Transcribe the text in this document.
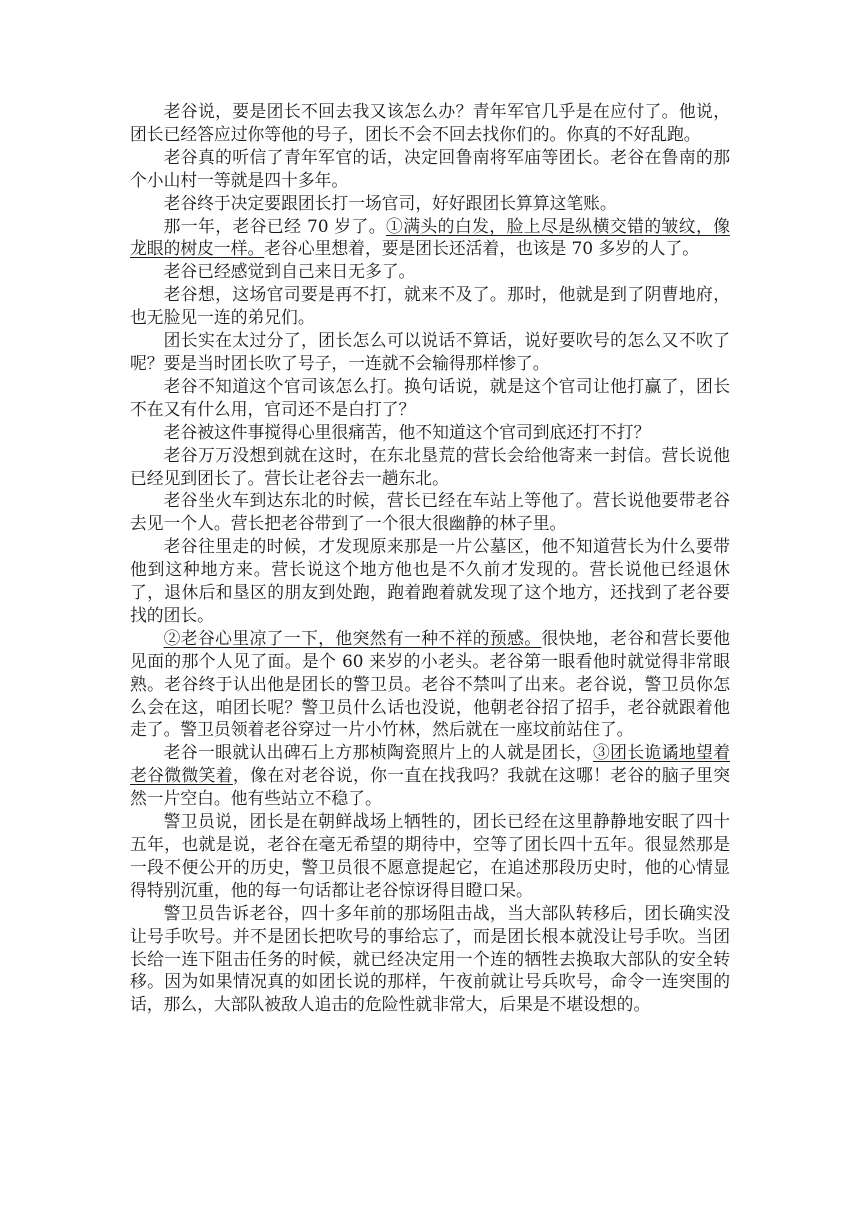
老谷说，要是团长不回去我又该怎么办？青年军官几乎是在应付了。他说，团长已经答应过你等他的号子，团长不会不回去找你们的。你真的不好乱跑。

老谷真的听信了青年军官的话，决定回鲁南将军庙等团长。老谷在鲁南的那个小山村一等就是四十多年。

老谷终于决定要跟团长打一场官司，好好跟团长算算这笔账。

那一年，老谷已经 70 岁了。①满头的白发，脸上尽是纵横交错的皱纹，像龙眼的树皮一样。老谷心里想着，要是团长还活着，也该是 70 多岁的人了。

老谷已经感觉到自己来日无多了。

老谷想，这场官司要是再不打，就来不及了。那时，他就是到了阴曹地府，也无脸见一连的弟兄们。

团长实在太过分了，团长怎么可以说话不算话，说好要吹号的怎么又不吹了呢？要是当时团长吹了号子，一连就不会输得那样惨了。

老谷不知道这个官司该怎么打。换句话说，就是这个官司让他打赢了，团长不在又有什么用，官司还不是白打了？

老谷被这件事搅得心里很痛苦，他不知道这个官司到底还打不打？

老谷万万没想到就在这时，在东北垦荒的营长会给他寄来一封信。营长说他已经见到团长了。营长让老谷去一趟东北。

老谷坐火车到达东北的时候，营长已经在车站上等他了。营长说他要带老谷去见一个人。营长把老谷带到了一个很大很幽静的林子里。

老谷往里走的时候，才发现原来那是一片公墓区，他不知道营长为什么要带他到这种地方来。营长说这个地方他也是不久前才发现的。营长说他已经退休了，退休后和垦区的朋友到处跑，跑着跑着就发现了这个地方，还找到了老谷要找的团长。

②老谷心里凉了一下，他突然有一种不祥的预感。很快地，老谷和营长要他见面的那个人见了面。是个 60 来岁的小老头。老谷第一眼看他时就觉得非常眼熟。老谷终于认出他是团长的警卫员。老谷不禁叫了出来。老谷说，警卫员你怎么会在这，咱团长呢？警卫员什么话也没说，他朝老谷招了招手，老谷就跟着他走了。警卫员领着老谷穿过一片小竹林，然后就在一座坟前站住了。

老谷一眼就认出碑石上方那桢陶瓷照片上的人就是团长，③团长诡谲地望着老谷微微笑着，像在对老谷说，你一直在找我吗？我就在这哪！老谷的脑子里突然一片空白。他有些站立不稳了。

警卫员说，团长是在朝鲜战场上牺牲的，团长已经在这里静静地安眠了四十五年，也就是说，老谷在毫无希望的期待中，空等了团长四十五年。很显然那是一段不便公开的历史，警卫员很不愿意提起它，在追述那段历史时，他的心情显得特别沉重，他的每一句话都让老谷惊讶得目瞪口呆。

警卫员告诉老谷，四十多年前的那场阻击战，当大部队转移后，团长确实没让号手吹号。并不是团长把吹号的事给忘了，而是团长根本就没让号手吹。当团长给一连下阻击任务的时候，就已经决定用一个连的牺牲去换取大部队的安全转移。因为如果情况真的如团长说的那样，午夜前就让号兵吹号，命令一连突围的话，那么，大部队被敌人追击的危险性就非常大，后果是不堪设想的。
